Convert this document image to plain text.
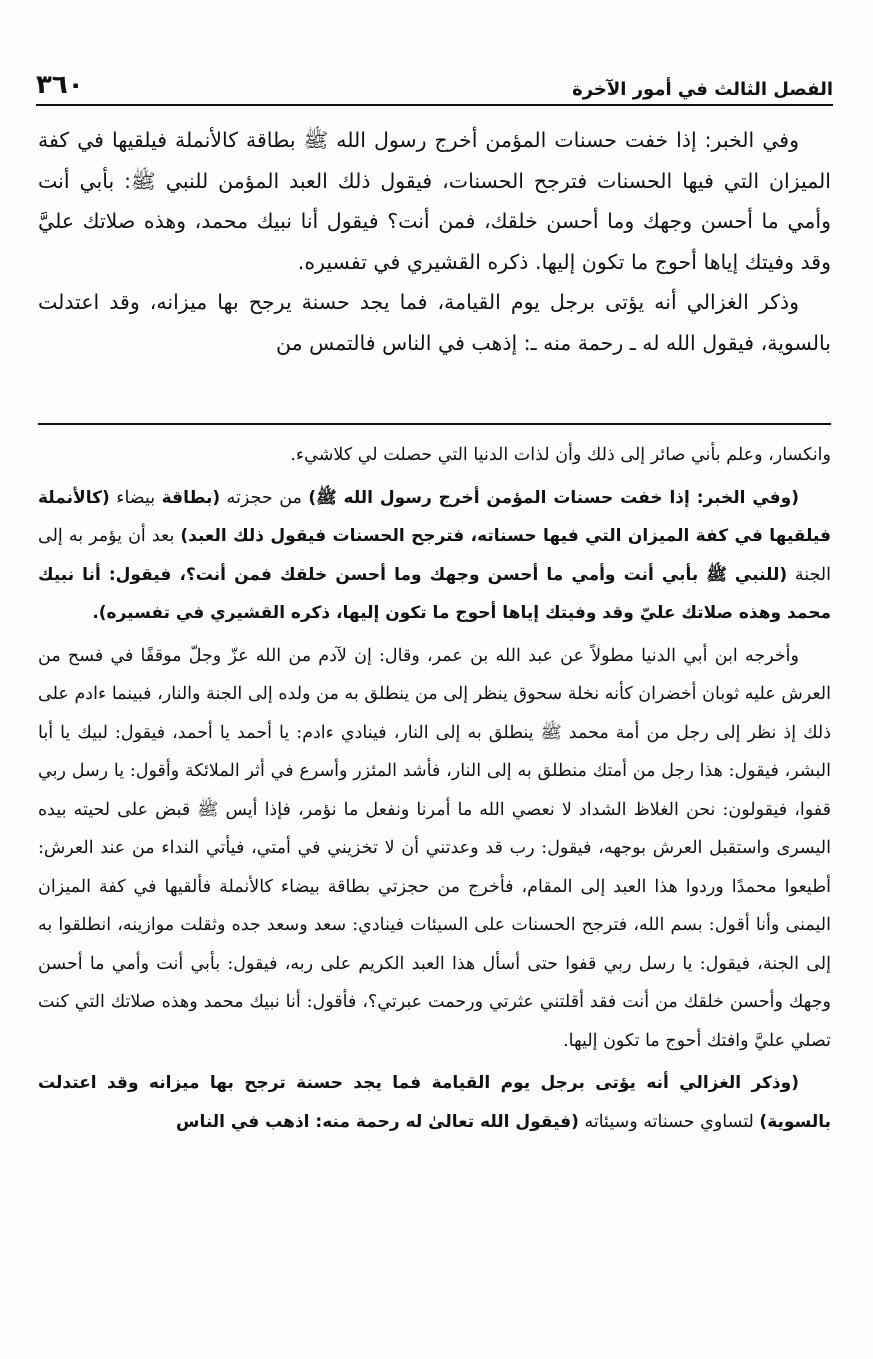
٣٦٠	الفصل الثالث في أمور الآخرة

وفي الخبر: إذا خفت حسنات المؤمن أخرج رسول الله ﷺ بطاقة كالأنملة فيلقيها في كفة الميزان التي فيها الحسنات فترجح الحسنات، فيقول ذلك العبد المؤمن للنبي ﷺ: بأبي أنت وأمي ما أحسن وجهك وما أحسن خلقك، فمن أنت؟ فيقول أنا نبيك محمد، وهذه صلاتك عليَّ وقد وفيتك إياها أحوج ما تكون إليها. ذكره القشيري في تفسيره.

وذكر الغزالي أنه يؤتى برجل يوم القيامة، فما يجد حسنة يرجح بها ميزانه، وقد اعتدلت بالسوية، فيقول الله له ـ رحمة منه ـ: إذهب في الناس فالتمس من

وانكسار، وعلم بأني صائر إلى ذلك وأن لذات الدنيا التي حصلت لي كلاشيء.

(وفي الخبر: إذا خفت حسنات المؤمن أخرج رسول الله ﷺ) من حجزته (بطاقة بيضاء (كالأنملة فيلقيها في كفة الميزان التي فيها حسناته، فترجح الحسنات فيقول ذلك العبد) بعد أن يؤمر به إلى الجنة (للنبي ﷺ بأبي أنت وأمي ما أحسن وجهك وما أحسن خلقك فمن أنت؟، فيقول: أنا نبيك محمد وهذه صلاتك عليّ وقد وفيتك إياها أحوج ما تكون إليها، ذكره القشيري في تفسيره).

وأخرجه ابن أبي الدنيا مطولاً عن عبد الله بن عمر، وقال: إن لآدم من الله عزّ وجلّ موقفًا في فسح من العرش عليه ثوبان أخضران كأنه نخلة سحوق ينظر إلى من ينطلق به من ولده إلى الجنة والنار، فبينما ءادم على ذلك إذ نظر إلى رجل من أمة محمد ﷺ ينطلق به إلى النار، فينادي ءادم: يا أحمد يا أحمد، فيقول: لبيك يا أبا البشر، فيقول: هذا رجل من أمتك منطلق به إلى النار، فأشد المئزر وأسرع في أثر الملائكة وأقول: يا رسل ربي قفوا، فيقولون: نحن الغلاظ الشداد لا نعصي الله ما أمرنا ونفعل ما نؤمر، فإذا أيس ﷺ قبض على لحيته بيده اليسرى واستقبل العرش بوجهه، فيقول: رب قد وعدتني أن لا تخزيني في أمتي، فيأتي النداء من عند العرش: أطيعوا محمدًا وردوا هذا العبد إلى المقام، فأخرج من حجزتي بطاقة بيضاء كالأنملة فألقيها في كفة الميزان اليمنى وأنا أقول: بسم الله، فترجح الحسنات على السيئات فينادي: سعد وسعد جده وثقلت موازينه، انطلقوا به إلى الجنة، فيقول: يا رسل ربي قفوا حتى أسأل هذا العبد الكريم على ربه، فيقول: بأبي أنت وأمي ما أحسن وجهك وأحسن خلقك من أنت فقد أقلتني عثرتي ورحمت عبرتي؟، فأقول: أنا نبيك محمد وهذه صلاتك التي كنت تصلي عليَّ وافتك أحوج ما تكون إليها.

(وذكر الغزالي أنه يؤتى برجل يوم القيامة فما يجد حسنة ترجح بها ميزانه وقد اعتدلت بالسوية) لتساوي حسناته وسيئاته (فيقول الله تعالىٰ له رحمة منه: اذهب في الناس
